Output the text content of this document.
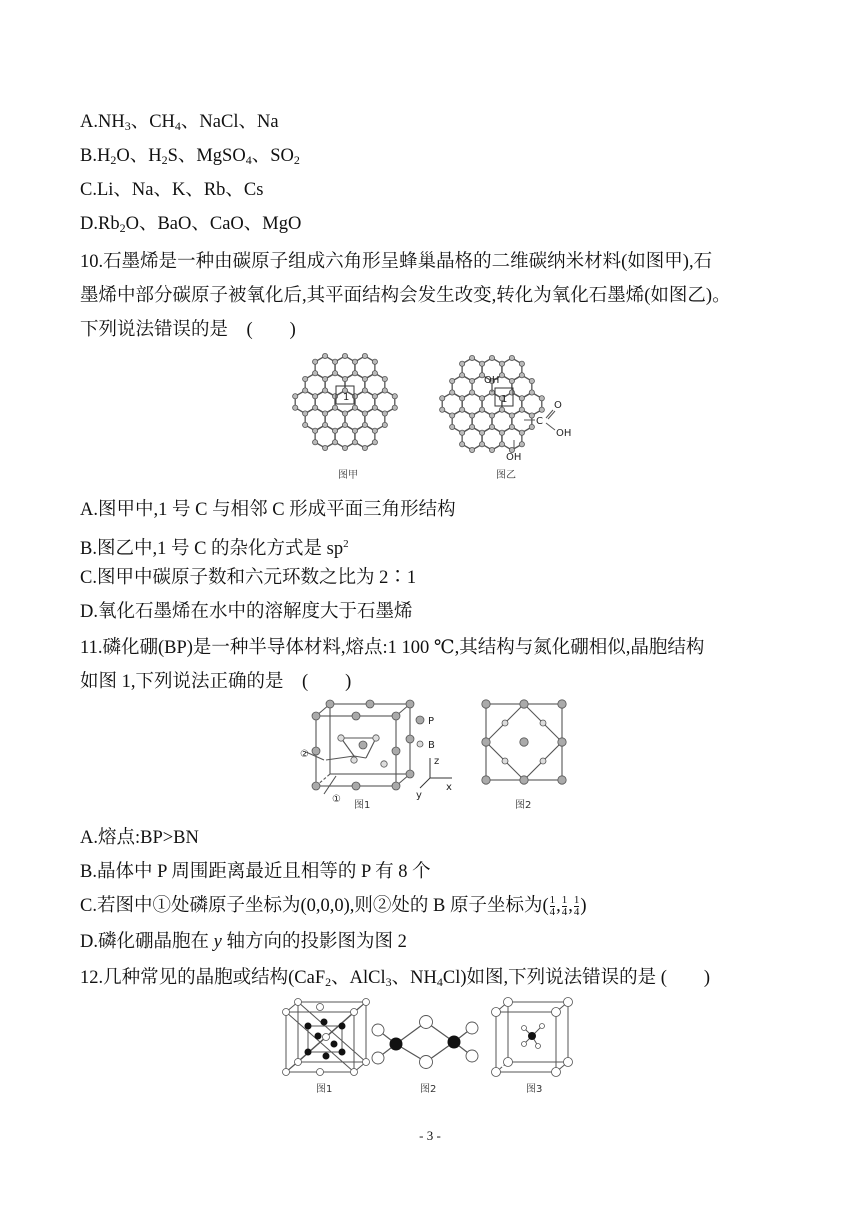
$A.NH_3$、$CH_4$、NaCl、Na
$B.H_2O$、$H_2S$、MgSO$_4$、$SO_2$
C.Li、Na、K、Rb、Cs
$D.Rb_2O$、BaO、CaO、MgO
10.石墨烯是一种由碳原子组成六角形呈蜂巢晶格的二维碳纳米材料(如图甲),石
墨烯中部分碳原子被氧化后,其平面结构会发生改变,转化为氧化石墨烯(如图乙)。
下列说法错误的是　(　　)
1
图甲
1
OH
C
O
OH
OH
图乙
A.图甲中,1 号 C 与相邻 C 形成平面三角形结构
B.图乙中,1 号 C 的杂化方式是 $sp^2$
C.图甲中碳原子数和六元环数之比为 2∶1
D.氧化石墨烯在水中的溶解度大于石墨烯
11.磷化硼(BP)是一种半导体材料,熔点:1 100 ℃,其结构与氮化硼相似,晶胞结构
如图 1,下列说法正确的是　(　　)
②
①
图1
P
B
z
x
y
图2
A.熔点:BP>BN
B.晶体中 P 周围距离最近且相等的 P 有 8 个
C.若图中①处磷原子坐标为(0,0,0),则②处的 B 原子坐标为( $\frac{1}{4}$ , $\frac{1}{4}$ , $\frac{1}{4}$ )
D.磷化硼晶胞在 y 轴方向的投影图为图 2
12.几种常见的晶胞或结构(CaF$_2$、AlCl$_3$、$NH_4Cl$)如图,下列说法错误的是 (　　)
图1	图2	图3
- 3 -
